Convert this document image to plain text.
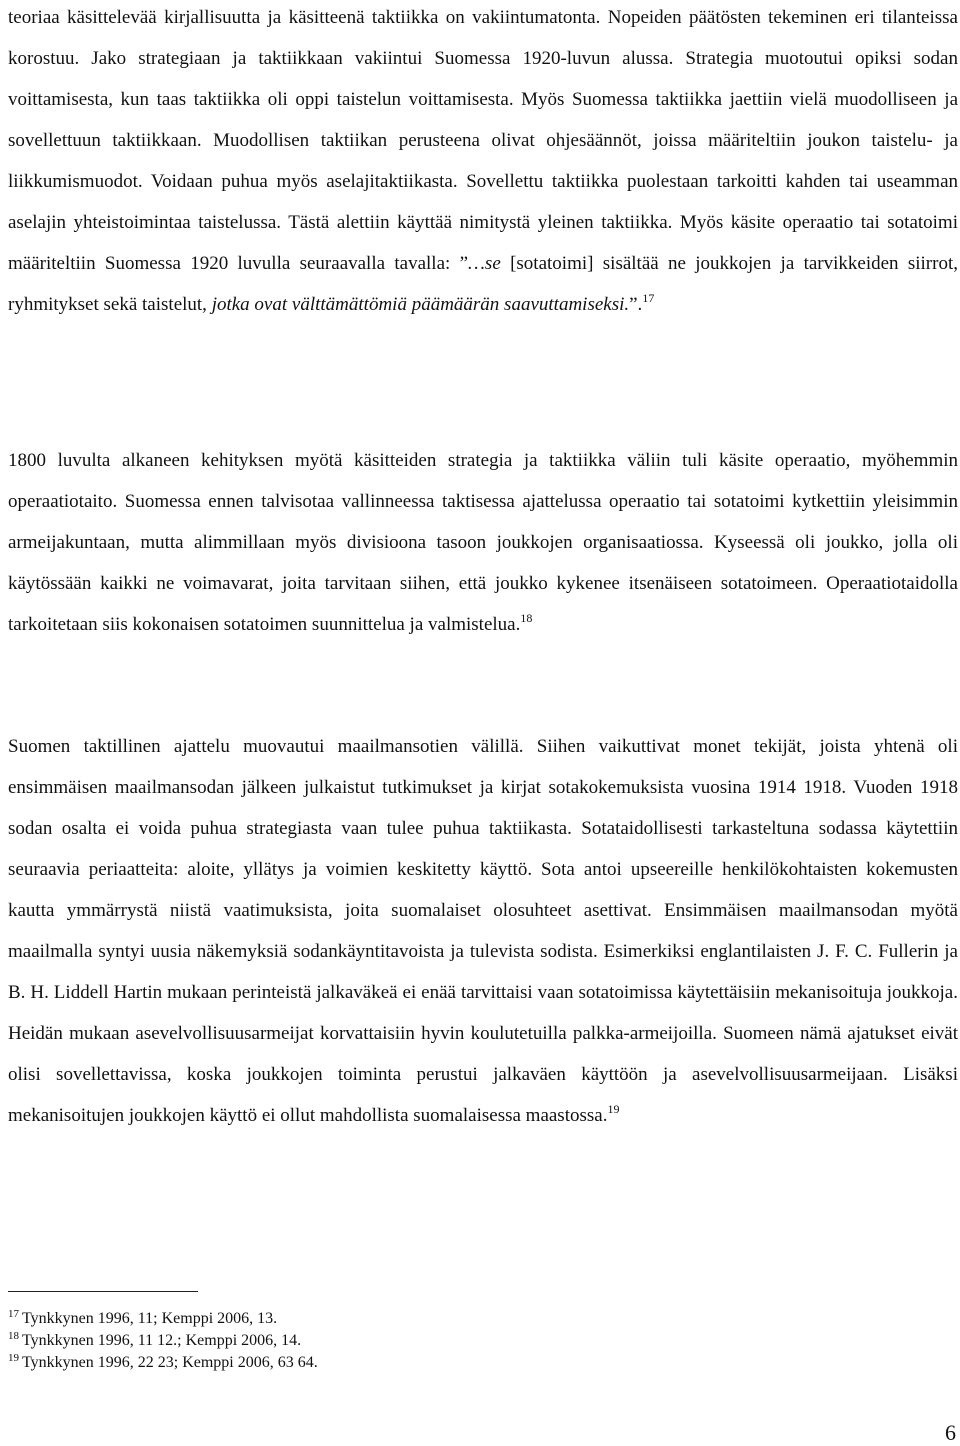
teoriaa käsittelevää kirjallisuutta ja käsitteenä taktiikka on vakiintumatonta. Nopeiden päätösten tekeminen eri tilanteissa korostuu. Jako strategiaan ja taktiikkaan vakiintui Suomessa 1920-luvun alussa. Strategia muotoutui opiksi sodan voittamisesta, kun taas taktiikka oli oppi taistelun voittamisesta. Myös Suomessa taktiikka jaettiin vielä muodolliseen ja sovellettuun taktiikkaan. Muodollisen taktiikan perusteena olivat ohjesäännöt, joissa määriteltiin joukon taistelu- ja liikkumismuodot. Voidaan puhua myös aselajitaktiikasta. Sovellettu taktiikka puolestaan tarkoitti kahden tai useamman aselajin yhteistoimintaa taistelussa. Tästä alettiin käyttää nimitystä yleinen taktiikka. Myös käsite operaatio tai sotatoimi määriteltiin Suomessa 1920 luvulla seuraavalla tavalla: ”…se [sotatoimi] sisältää ne joukkojen ja tarvikkeiden siirrot, ryhmitykset sekä taistelut, jotka ovat välttämättömiä päämäärän saavuttamiseksi.”.$^{17}$

1800 luvulta alkaneen kehityksen myötä käsitteiden strategia ja taktiikka väliin tuli käsite operaatio, myöhemmin operaatiotaito. Suomessa ennen talvisotaa vallinneessa taktisessa ajattelussa operaatio tai sotatoimi kytkettiin yleisimmin armeijakuntaan, mutta alimmillaan myös divisioona tasoon joukkojen organisaatiossa. Kyseessä oli joukko, jolla oli käytössään kaikki ne voimavarat, joita tarvitaan siihen, että joukko kykenee itsenäiseen sotatoimeen. Operaatiotaidolla tarkoitetaan siis kokonaisen sotatoimen suunnittelua ja valmistelua.$^{18}$

Suomen taktillinen ajattelu muovautui maailmansotien välillä. Siihen vaikuttivat monet tekijät, joista yhtenä oli ensimmäisen maailmansodan jälkeen julkaistut tutkimukset ja kirjat sotakokemuksista vuosina 1914 1918. Vuoden 1918 sodan osalta ei voida puhua strategiasta vaan tulee puhua taktiikasta. Sotataidollisesti tarkasteltuna sodassa käytettiin seuraavia periaatteita: aloite, yllätys ja voimien keskitetty käyttö. Sota antoi upseereille henkilökohtaisten kokemusten kautta ymmärrystä niistä vaatimuksista, joita suomalaiset olosuhteet asettivat. Ensimmäisen maailmansodan myötä maailmalla syntyi uusia näkemyksiä sodankäyntitavoista ja tulevista sodista. Esimerkiksi englantilaisten J. F. C. Fullerin ja B. H. Liddell Hartin mukaan perinteistä jalkaväkeä ei enää tarvittaisi vaan sotatoimissa käytettäisiin mekanisoituja joukkoja. Heidän mukaan asevelvollisuusarmeijat korvattaisiin hyvin koulutetuilla palkka-armeijoilla. Suomeen nämä ajatukset eivät olisi sovellettavissa, koska joukkojen toiminta perustui jalkaväen käyttöön ja asevelvollisuusarmeijaan. Lisäksi mekanisoitujen joukkojen käyttö ei ollut mahdollista suomalaisessa maastossa.$^{19}$

$^{17}$ Tynkkynen 1996, 11; Kemppi 2006, 13.

$^{18}$ Tynkkynen 1996, 11 12.; Kemppi 2006, 14.

$^{19}$ Tynkkynen 1996, 22 23; Kemppi 2006, 63 64.

6
